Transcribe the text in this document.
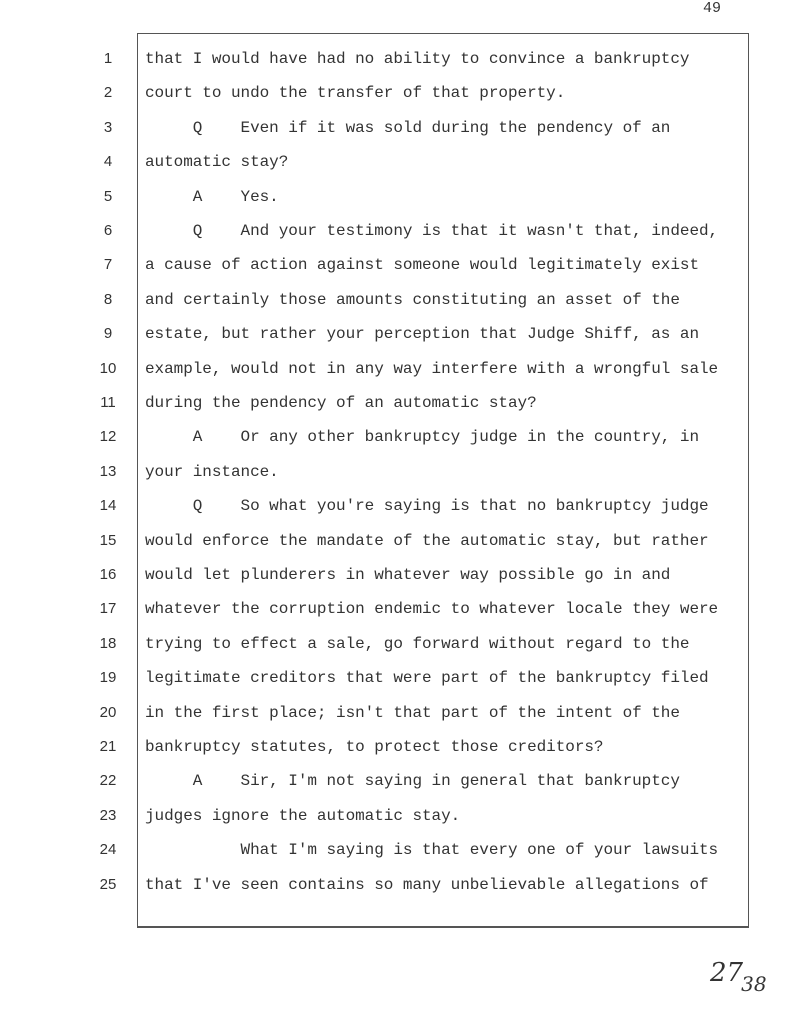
49
1	that I would have had no ability to convince a bankruptcy
2	court to undo the transfer of that property.
3	Q    Even if it was sold during the pendency of an
4	automatic stay?
5	A    Yes.
6	Q    And your testimony is that it wasn't that, indeed,
7	a cause of action against someone would legitimately exist
8	and certainly those amounts constituting an asset of the
9	estate, but rather your perception that Judge Shiff, as an
10	example, would not in any way interfere with a wrongful sale
11	during the pendency of an automatic stay?
12	A    Or any other bankruptcy judge in the country, in
13	your instance.
14	Q    So what you're saying is that no bankruptcy judge
15	would enforce the mandate of the automatic stay, but rather
16	would let plunderers in whatever way possible go in and
17	whatever the corruption endemic to whatever locale they were
18	trying to effect a sale, go forward without regard to the
19	legitimate creditors that were part of the bankruptcy filed
20	in the first place; isn't that part of the intent of the
21	bankruptcy statutes, to protect those creditors?
22	A    Sir, I'm not saying in general that bankruptcy
23	judges ignore the automatic stay.
24	What I'm saying is that every one of your lawsuits
25	that I've seen contains so many unbelievable allegations of
$27_{38}$
